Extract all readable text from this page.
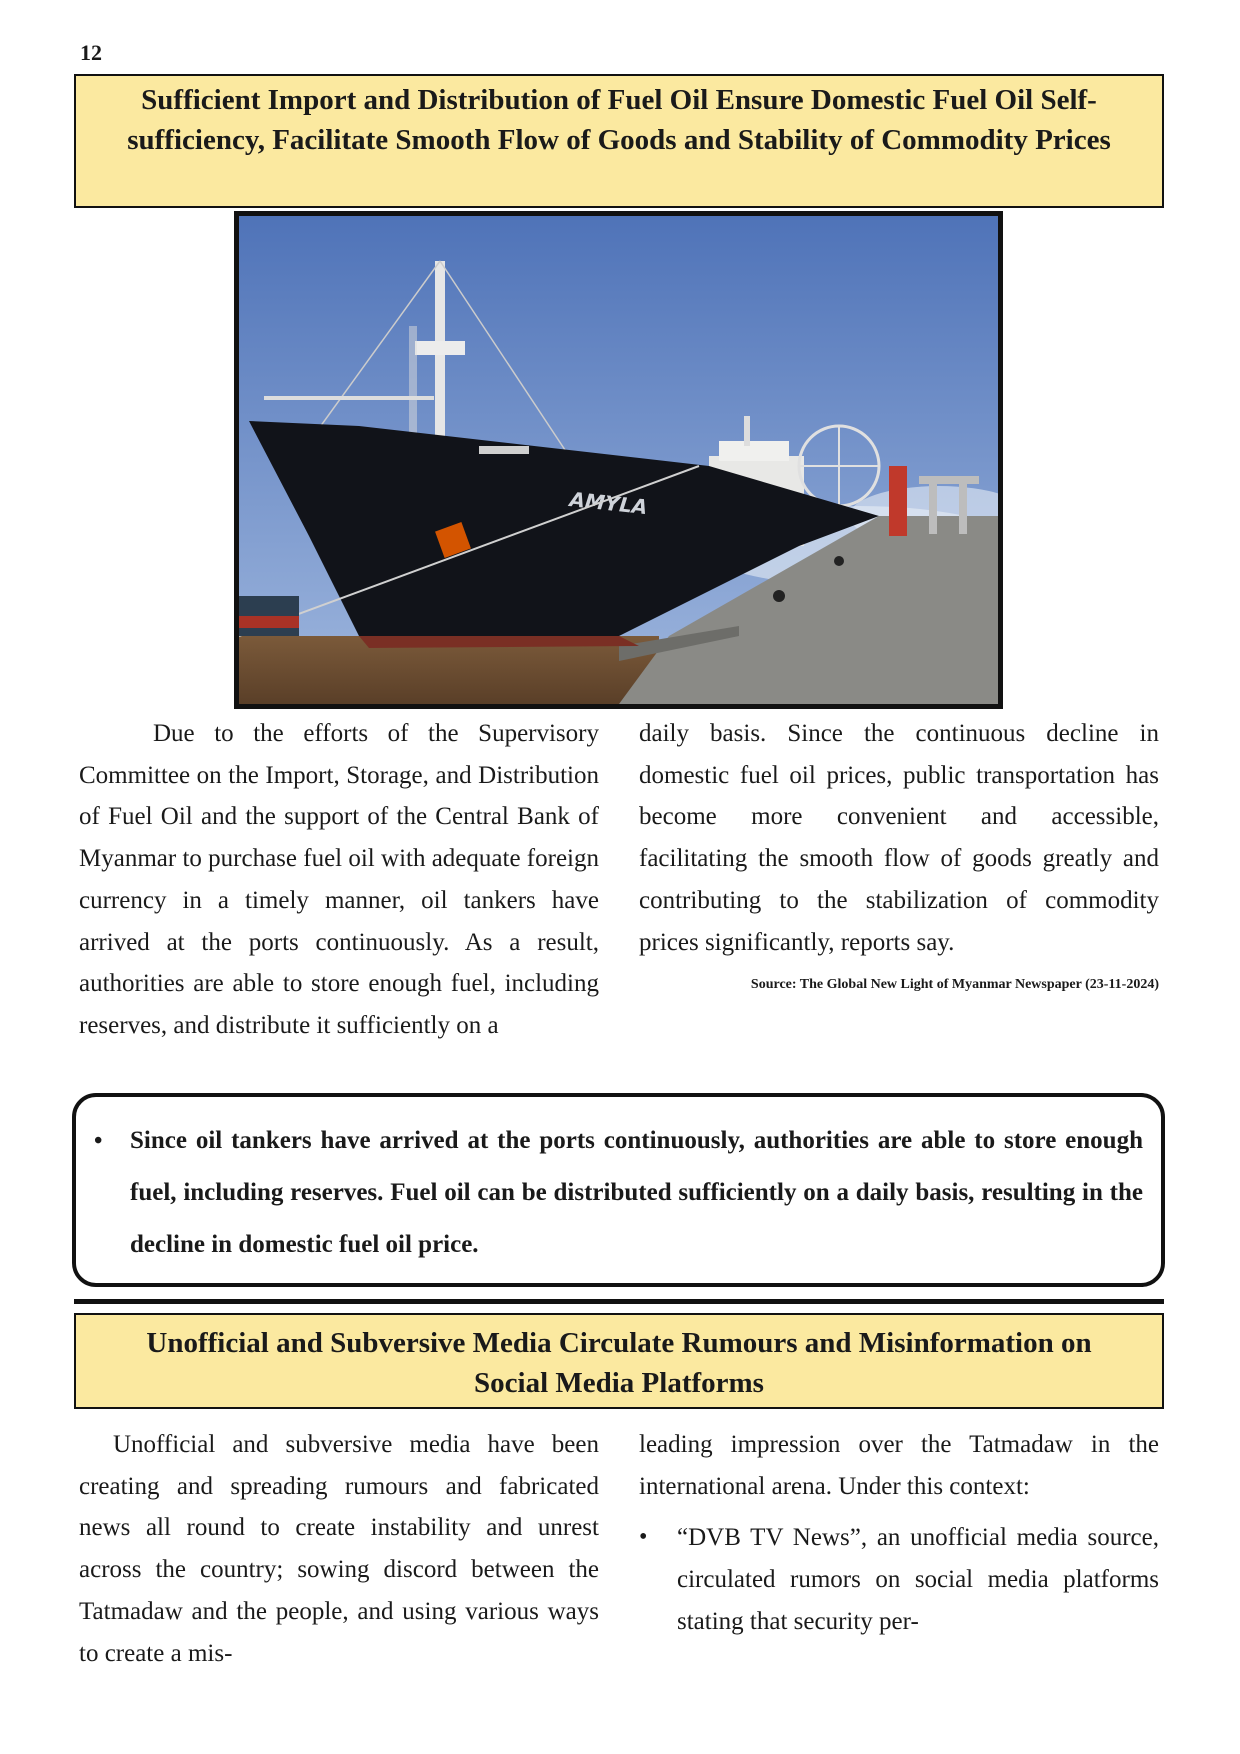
12
Sufficient Import and Distribution of Fuel Oil Ensure Domestic Fuel Oil Self-sufficiency, Facilitate Smooth Flow of Goods and Stability of Commodity Prices
AMYLA

Due to the efforts of the Supervisory Committee on the Import, Storage, and Distribution of Fuel Oil and the support of the Central Bank of Myanmar to purchase fuel oil with adequate foreign currency in a timely manner, oil tankers have arrived at the ports continuously. As a result, authorities are able to store enough fuel, including reserves, and distribute it sufficiently on a

daily basis. Since the continuous decline in domestic fuel oil prices, public transportation has become more convenient and accessible, facilitating the smooth flow of goods greatly and contributing to the stabilization of commodity prices significantly, reports say.

Source: The Global New Light of Myanmar Newspaper (23-11-2024)
• Since oil tankers have arrived at the ports continuously, authorities are able to store enough fuel, including reserves. Fuel oil can be distributed sufficiently on a daily basis, resulting in the decline in domestic fuel oil price.
Unofficial and Subversive Media Circulate Rumours and Misinformation on Social Media Platforms

Unofficial and subversive media have been creating and spreading rumours and fabricated news all round to create instability and unrest across the country; sowing discord between the Tatmadaw and the people, and using various ways to create a mis-

leading impression over the Tatmadaw in the international arena. Under this context:

• “DVB TV News”, an unofficial media source, circulated rumors on social media platforms stating that security per-
